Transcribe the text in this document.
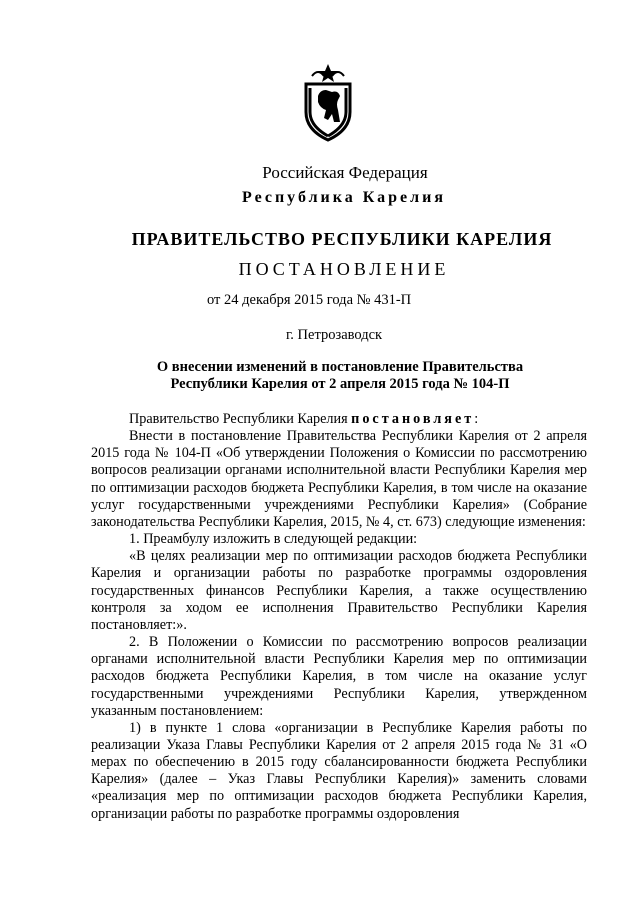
Российская Федерация
Республика Карелия
ПРАВИТЕЛЬСТВО РЕСПУБЛИКИ КАРЕЛИЯ
ПОСТАНОВЛЕНИЕ
от 24 декабря 2015 года № 431-П
г. Петрозаводск
О внесении изменений в постановление Правительства
Республики Карелия от 2 апреля 2015 года № 104-П

Правительство Республики Карелия постановляет:

Внести в постановление Правительства Республики Карелия от 2 апреля 2015 года № 104-П «Об утверждении Положения о Комиссии по рассмотрению вопросов реализации органами исполнительной власти Республики Карелия мер по оптимизации расходов бюджета Республики Карелия, в том числе на оказание услуг государственными учреждениями Республики Карелия» (Собрание законодательства Республики Карелия, 2015, № 4, ст. 673) следующие изменения:

1. Преамбулу изложить в следующей редакции:

«В целях реализации мер по оптимизации расходов бюджета Республики Карелия и организации работы по разработке программы оздоровления государственных финансов Республики Карелия, а также осуществлению контроля за ходом ее исполнения Правительство Республики Карелия постановляет:».

2. В Положении о Комиссии по рассмотрению вопросов реализации органами исполнительной власти Республики Карелия мер по оптимизации расходов бюджета Республики Карелия, в том числе на оказание услуг государственными учреждениями Республики Карелия, утвержденном указанным постановлением:

1) в пункте 1 слова «организации в Республике Карелия работы по реализации Указа Главы Республики Карелия от 2 апреля 2015 года № 31 «О мерах по обеспечению в 2015 году сбалансированности бюджета Республики Карелия» (далее – Указ Главы Республики Карелия)» заменить словами «реализация мер по оптимизации расходов бюджета Республики Карелия, организации работы по разработке программы оздоровления
